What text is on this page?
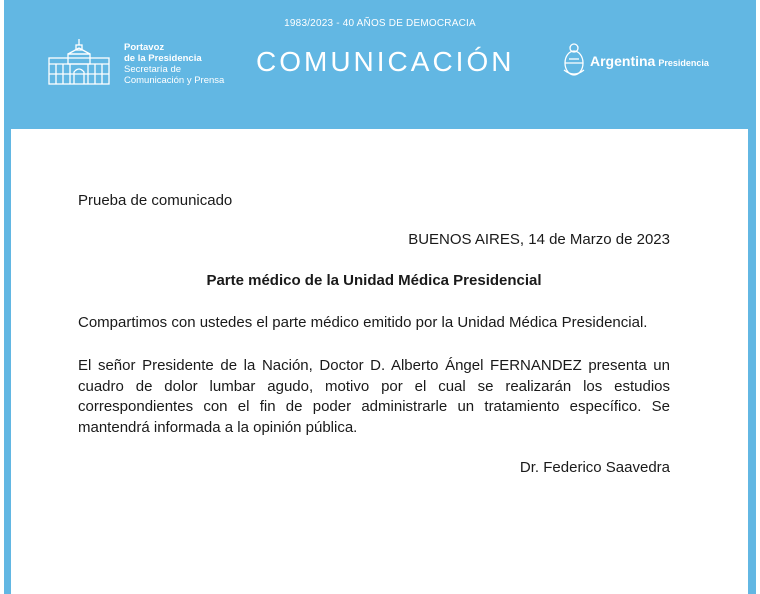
1983/2023 - 40 AÑOS DE DEMOCRACIA
Portavoz
de la Presidencia
Secretaría de
Comunicación y Prensa
COMUNICACIÓN	Argentina Presidencia
Prueba de comunicado
BUENOS AIRES, 14 de Marzo de 2023
Parte médico de la Unidad Médica Presidencial
Compartimos con ustedes el parte médico emitido por la Unidad Médica Presidencial.
El señor Presidente de la Nación, Doctor D. Alberto Ángel FERNANDEZ presenta un cuadro de dolor lumbar agudo, motivo por el cual se realizarán los estudios correspondientes con el fin de poder administrarle un tratamiento específico. Se mantendrá informada a la opinión pública.
Dr. Federico Saavedra
